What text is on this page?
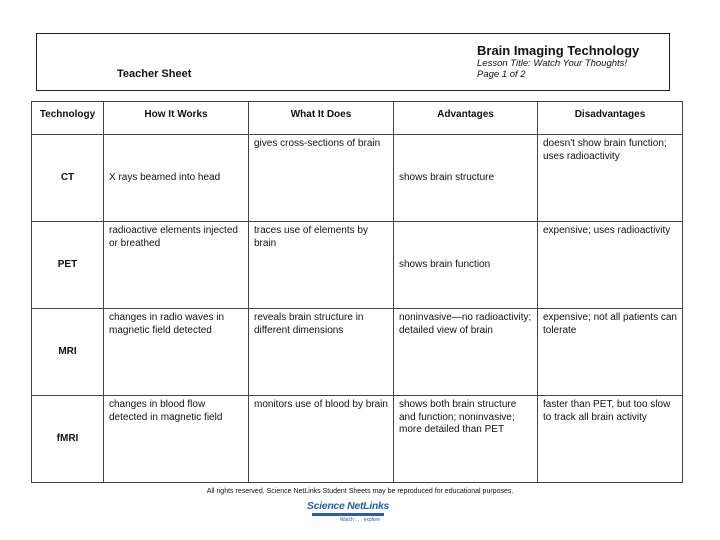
Teacher Sheet
Brain Imaging Technology
Lesson Title: Watch Your Thoughts!
Page 1 of 2
Technology	How It Works	What It Does	Advantages	Disadvantages
CT	X rays beamed into head	gives cross-sections of brain	shows brain structure	doesn't show brain function; uses radioactivity
PET	radioactive elements injected or breathed	traces use of elements by brain	shows brain function	expensive; uses radioactivity
MRI	changes in radio waves in magnetic field detected	reveals brain structure in different dimensions	noninvasive—no radioactivity; detailed view of brain	expensive; not all patients can tolerate
fMRI	changes in blood flow detected in magnetic field	monitors use of blood by brain	shows both brain structure and function; noninvasive; more detailed than PET	faster than PET, but too slow to track all brain activity
All rights reserved. Science NetLinks Student Sheets may be reproduced for educational purposes.
Science NetLinks
Watch . . . explore
